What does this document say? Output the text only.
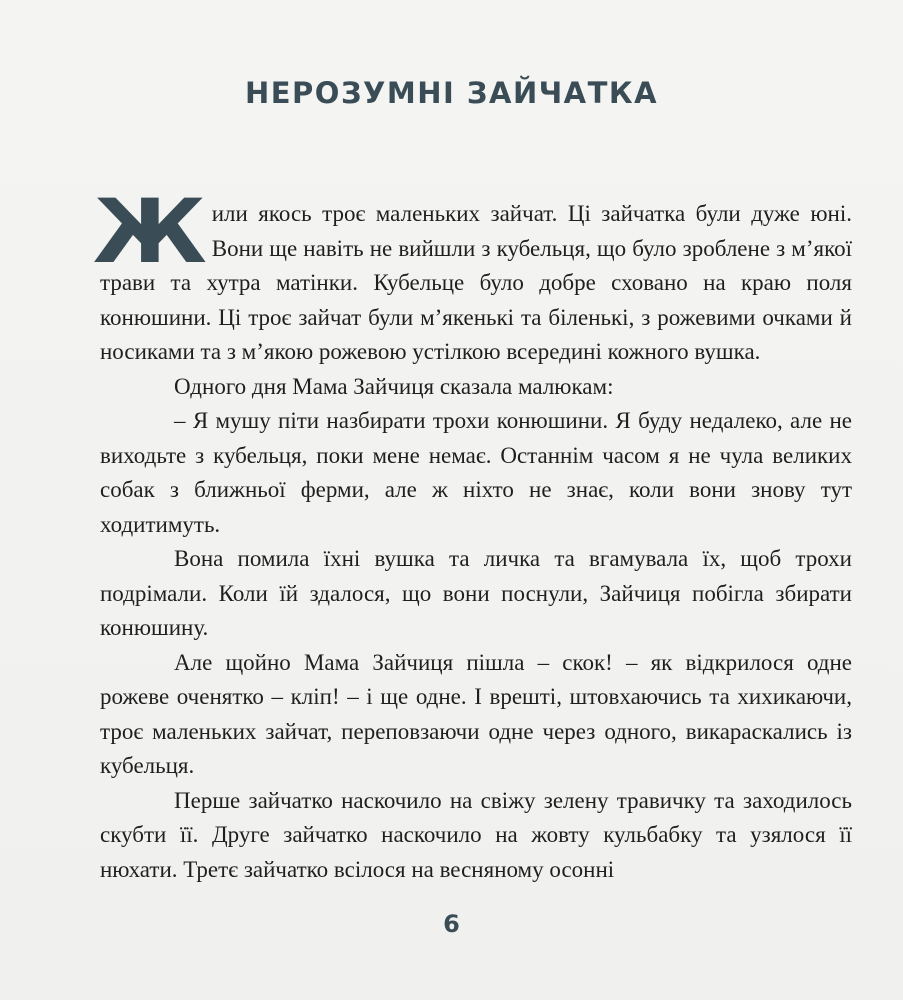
НЕРОЗУМНІ ЗАЙЧАТКА

Жили якось троє маленьких зайчат. Ці зайчатка були дуже юні. Вони ще навіть не вийшли з кубельця, що було зроблене з м’якої трави та хутра матінки. Кубельце було добре сховано на краю поля конюшини. Ці троє зайчат були м’якенькі та біленькі, з рожевими очками й носиками та з м’якою рожевою устілкою всередині кожного вушка.

Одного дня Мама Зайчиця сказала малюкам:

– Я мушу піти назбирати трохи конюшини. Я буду недалеко, але не виходьте з кубельця, поки мене немає. Останнім часом я не чула великих собак з ближньої ферми, але ж ніхто не знає, коли вони знову тут ходитимуть.

Вона помила їхні вушка та личка та вгамувала їх, щоб трохи подрімали. Коли їй здалося, що вони поснули, Зайчиця побігла збирати конюшину.

Але щойно Мама Зайчиця пішла – скок! – як відкрилося одне рожеве оченятко – кліп! – і ще одне. І врешті, штовхаючись та хихикаючи, троє маленьких зайчат, переповзаючи одне через одного, викараскались із кубельця.

Перше зайчатко наскочило на свіжу зелену травичку та заходилось скубти її. Друге зайчатко наскочило на жовту кульбабку та узялося її нюхати. Третє зайчатко всілося на весняному осонні

6
